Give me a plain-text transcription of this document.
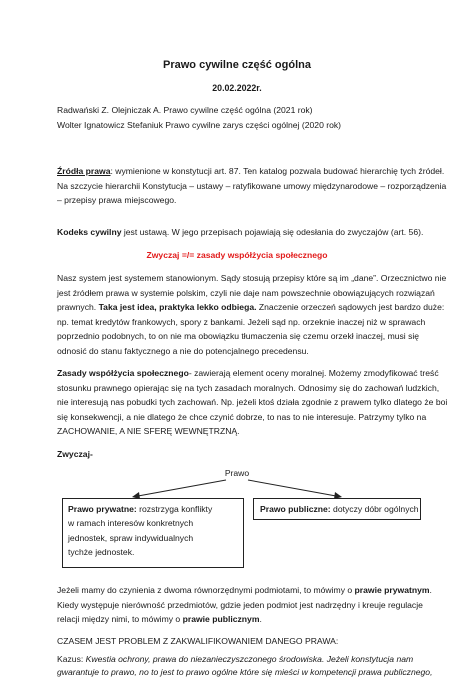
Prawo cywilne część ogólna
20.02.2022r.
Radwański Z. Olejniczak A. Prawo cywilne część ogólna (2021 rok)
Wolter Ignatowicz Stefaniuk Prawo cywilne zarys części ogólnej (2020 rok)
Źródła prawa: wymienione w konstytucji art. 87. Ten katalog pozwala budować hierarchię tych źródeł.
Na szczycie hierarchii Konstytucja – ustawy – ratyfikowane umowy międzynarodowe – rozporządzenia
– przepisy prawa miejscowego.
Kodeks cywilny jest ustawą. W jego przepisach pojawiają się odesłania do zwyczajów (art. 56).
Zwyczaj =/= zasady współżycia społecznego
Nasz system jest systemem stanowionym. Sądy stosują przepisy które są im „dane”. Orzecznictwo nie
jest źródłem prawa w systemie polskim, czyli nie daje nam powszechnie obowiązujących rozwiązań
prawnych. Taka jest idea, praktyka lekko odbiega. Znaczenie orzeczeń sądowych jest bardzo duże:
np. temat kredytów frankowych, spory z bankami. Jeżeli sąd np. orzeknie inaczej niż w sprawach
poprzednio podobnych, to on nie ma obowiązku tłumaczenia się czemu orzekł inaczej, musi się
odnosić do stanu faktycznego a nie do potencjalnego precedensu.
Zasady współżycia społecznego- zawierają element oceny moralnej. Możemy zmodyfikować treść
stosunku prawnego opierając się na tych zasadach moralnych. Odnosimy się do zachowań ludzkich,
nie interesują nas pobudki tych zachowań. Np. jeżeli ktoś działa zgodnie z prawem tylko dlatego że boi
się konsekwencji, a nie dlatego że chce czynić dobrze, to nas to nie interesuje. Patrzymy tylko na
ZACHOWANIE, A NIE SFERĘ WEWNĘTRZNĄ.
Zwyczaj-
Prawo
Prawo prywatne: rozstrzyga konflikty
w ramach interesów konkretnych
jednostek, spraw indywidualnych
tychże jednostek.
Prawo publiczne: dotyczy dóbr ogólnych
Jeżeli mamy do czynienia z dwoma równorzędnymi podmiotami, to mówimy o prawie prywatnym.
Kiedy występuje nierówność przedmiotów, gdzie jeden podmiot jest nadrzędny i kreuje regulacje
relacji między nimi, to mówimy o prawie publicznym.
CZASEM JEST PROBLEM Z ZAKWALIFIKOWANIEM DANEGO PRAWA:
Kazus: Kwestia ochrony, prawa do niezanieczyszczonego środowiska. Jeżeli konstytucja nam
gwarantuje to prawo, no to jest to prawo ogólne które się mieści w kompetencji prawa publicznego,
